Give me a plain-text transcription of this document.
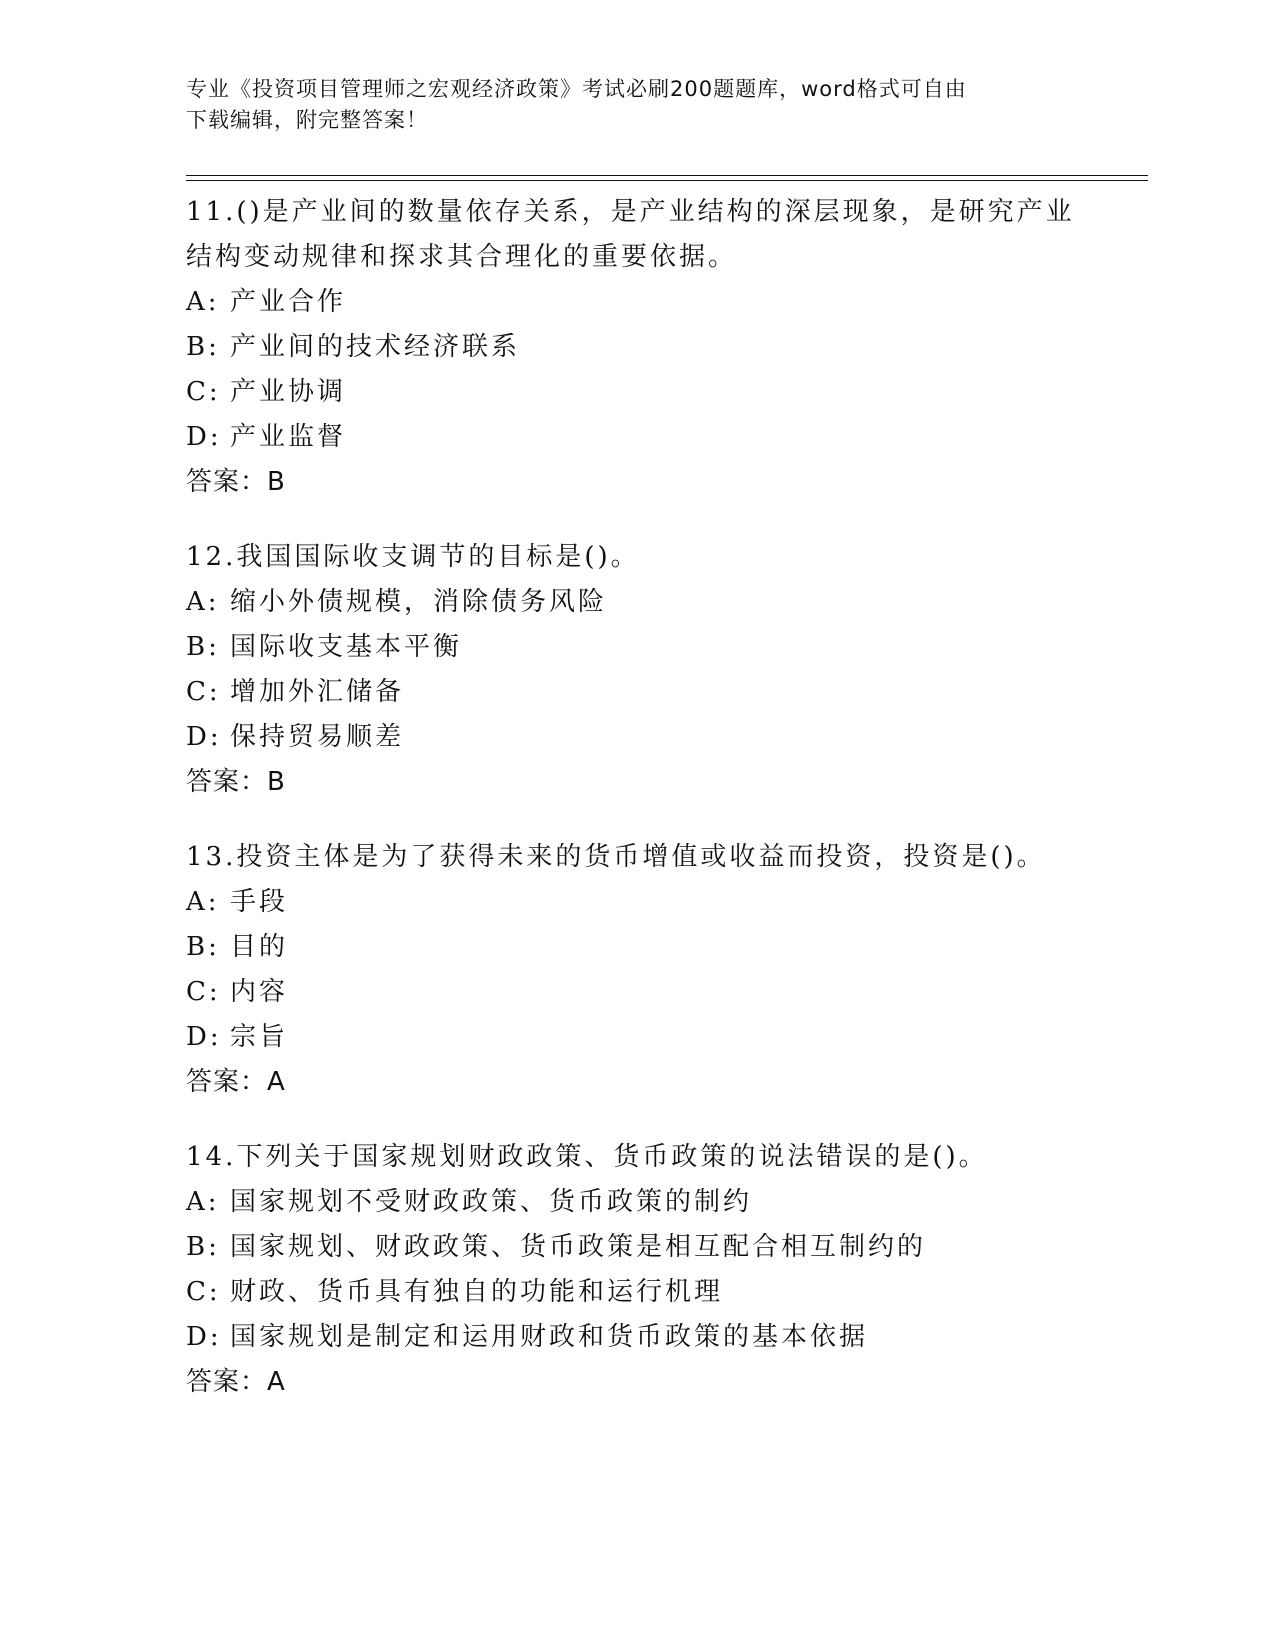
专业《投资项目管理师之宏观经济政策》考试必刷200题题库，word格式可自由
下载编辑，附完整答案！
11.()是产业间的数量依存关系，是产业结构的深层现象，是研究产业
结构变动规律和探求其合理化的重要依据。
A: 产业合作
B: 产业间的技术经济联系
C: 产业协调
D: 产业监督
答案：B
12.我国国际收支调节的目标是()。
A: 缩小外债规模，消除债务风险
B: 国际收支基本平衡
C: 增加外汇储备
D: 保持贸易顺差
答案：B
13.投资主体是为了获得未来的货币增值或收益而投资，投资是()。
A: 手段
B: 目的
C: 内容
D: 宗旨
答案：A
14.下列关于国家规划财政政策、货币政策的说法错误的是()。
A: 国家规划不受财政政策、货币政策的制约
B: 国家规划、财政政策、货币政策是相互配合相互制约的
C: 财政、货币具有独自的功能和运行机理
D: 国家规划是制定和运用财政和货币政策的基本依据
答案：A
